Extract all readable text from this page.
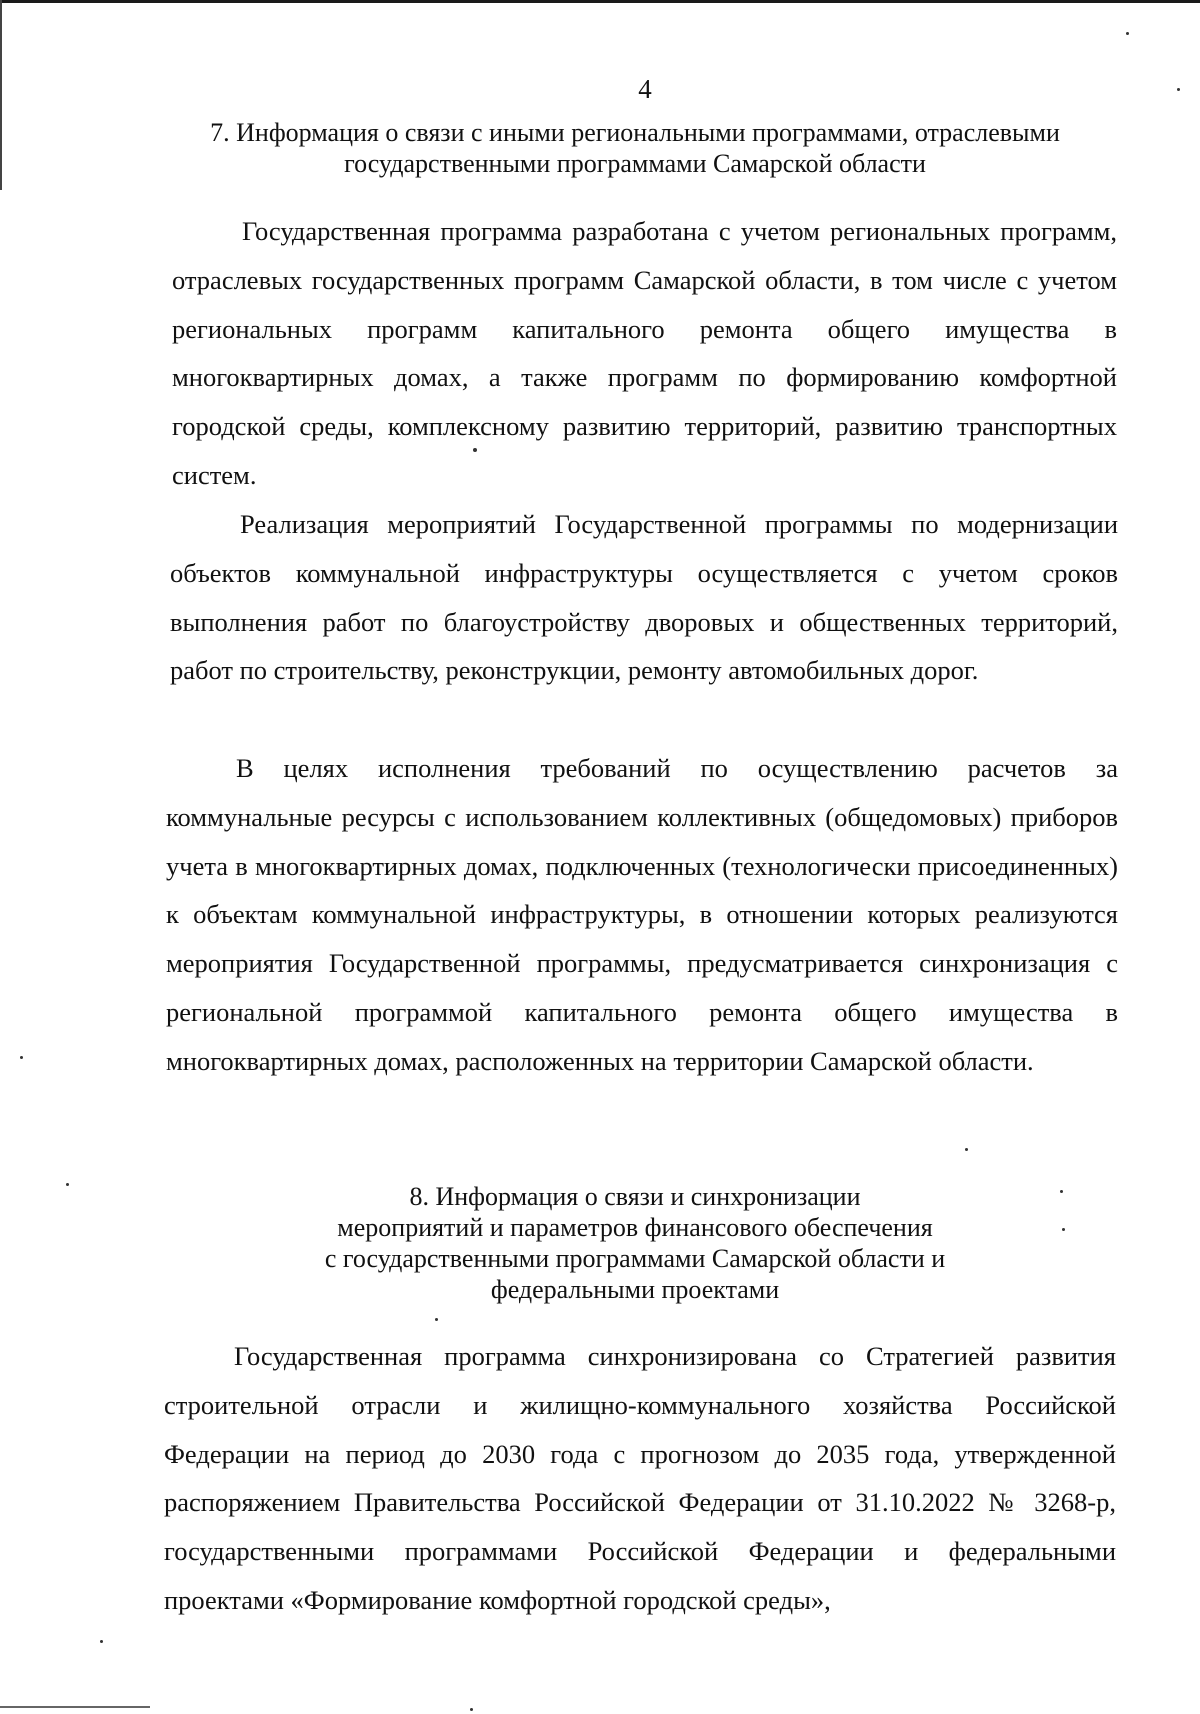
4
7. Информация о связи с иными региональными программами, отраслевыми
государственными программами Самарской области

Государственная программа разработана с учетом региональных программ, отраслевых государственных программ Самарской области, в том числе с учетом региональных программ капитального ремонта общего имущества в многоквартирных домах, а также программ по формированию комфортной городской среды, комплексному развитию территорий, развитию транспортных систем.

Реализация мероприятий Государственной программы по модернизации объектов коммунальной инфраструктуры осуществляется с учетом сроков выполнения работ по благоустройству дворовых и общественных территорий, работ по строительству, реконструкции, ремонту автомобильных дорог.

В целях исполнения требований по осуществлению расчетов за коммунальные ресурсы с использованием коллективных (общедомовых) приборов учета в многоквартирных домах, подключенных (технологически присоединенных) к объектам коммунальной инфраструктуры, в отношении которых реализуются мероприятия Государственной программы, предусматривается синхронизация с региональной программой капитального ремонта общего имущества в многоквартирных домах, расположенных на территории Самарской области.

8. Информация о связи и синхронизации
мероприятий и параметров финансового обеспечения
с государственными программами Самарской области и
федеральными проектами

Государственная программа синхронизирована со Стратегией развития строительной отрасли и жилищно-коммунального хозяйства Российской Федерации на период до 2030 года с прогнозом до 2035 года, утвержденной распоряжением Правительства Российской Федерации от 31.10.2022 № 3268-р, государственными программами Российской Федерации и федеральными проектами «Формирование комфортной городской среды»,
